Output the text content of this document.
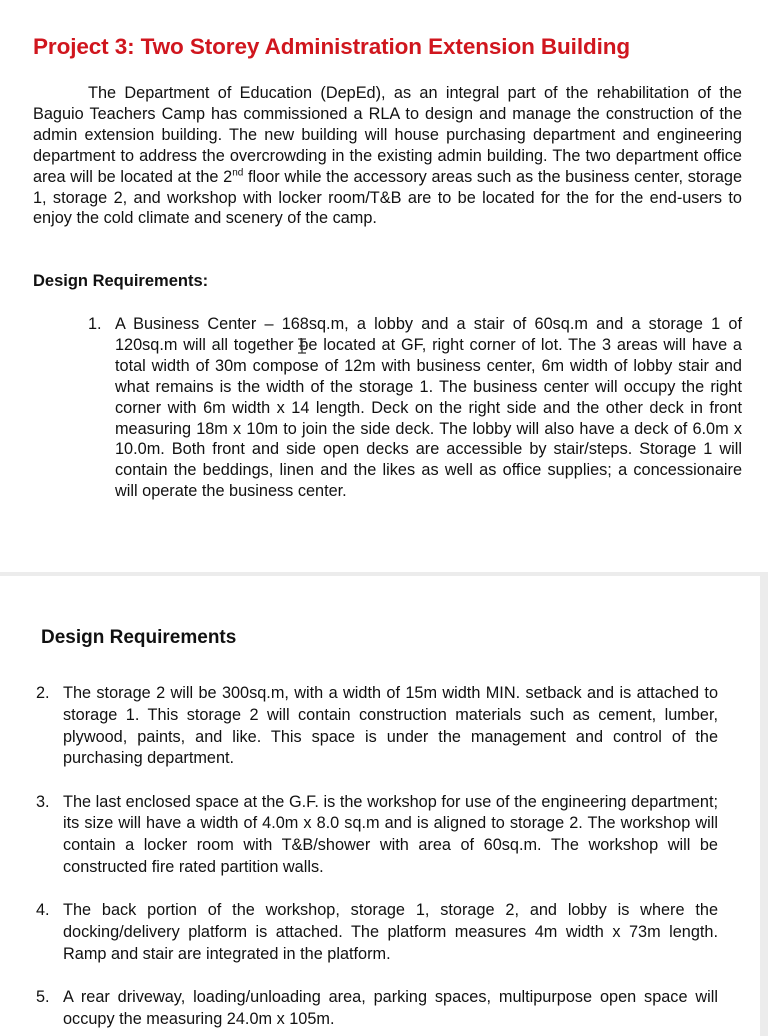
Project 3: Two Storey Administration Extension Building

The Department of Education (DepEd), as an integral part of the rehabilitation of the Baguio Teachers Camp has commissioned a RLA to design and manage the construction of the admin extension building. The new building will house purchasing department and engineering department to address the overcrowding in the existing admin building. The two department office area will be located at the 2nd floor while the accessory areas such as the business center, storage 1, storage 2, and workshop with locker room/T&B are to be located for the for the end-users to enjoy the cold climate and scenery of the camp.

Design Requirements:
1. A Business Center – 168sq.m, a lobby and a stair of 60sq.m and a storage 1 of 120sq.m will all together be located at GF, right corner of lot. The 3 areas will have a total width of 30m compose of 12m with business center, 6m width of lobby stair and what remains is the width of the storage 1. The business center will occupy the right corner with 6m width x 14 length. Deck on the right side and the other deck in front measuring 18m x 10m to join the side deck. The lobby will also have a deck of 6.0m x 10.0m. Both front and side open decks are accessible by stair/steps. Storage 1 will contain the beddings, linen and the likes as well as office supplies; a concessionaire will operate the business center.
Design Requirements
2. The storage 2 will be 300sq.m, with a width of 15m width MIN. setback and is attached to storage 1. This storage 2 will contain construction materials such as cement, lumber, plywood, paints, and like. This space is under the management and control of the purchasing department.
3. The last enclosed space at the G.F. is the workshop for use of the engineering department; its size will have a width of 4.0m x 8.0 sq.m and is aligned to storage 2. The workshop will contain a locker room with T&B/shower with area of 60sq.m. The workshop will be constructed fire rated partition walls.
4. The back portion of the workshop, storage 1, storage 2, and lobby is where the docking/delivery platform is attached. The platform measures 4m width x 73m length. Ramp and stair are integrated in the platform.
5. A rear driveway, loading/unloading area, parking spaces, multipurpose open space will occupy the measuring 24.0m x 105m.
